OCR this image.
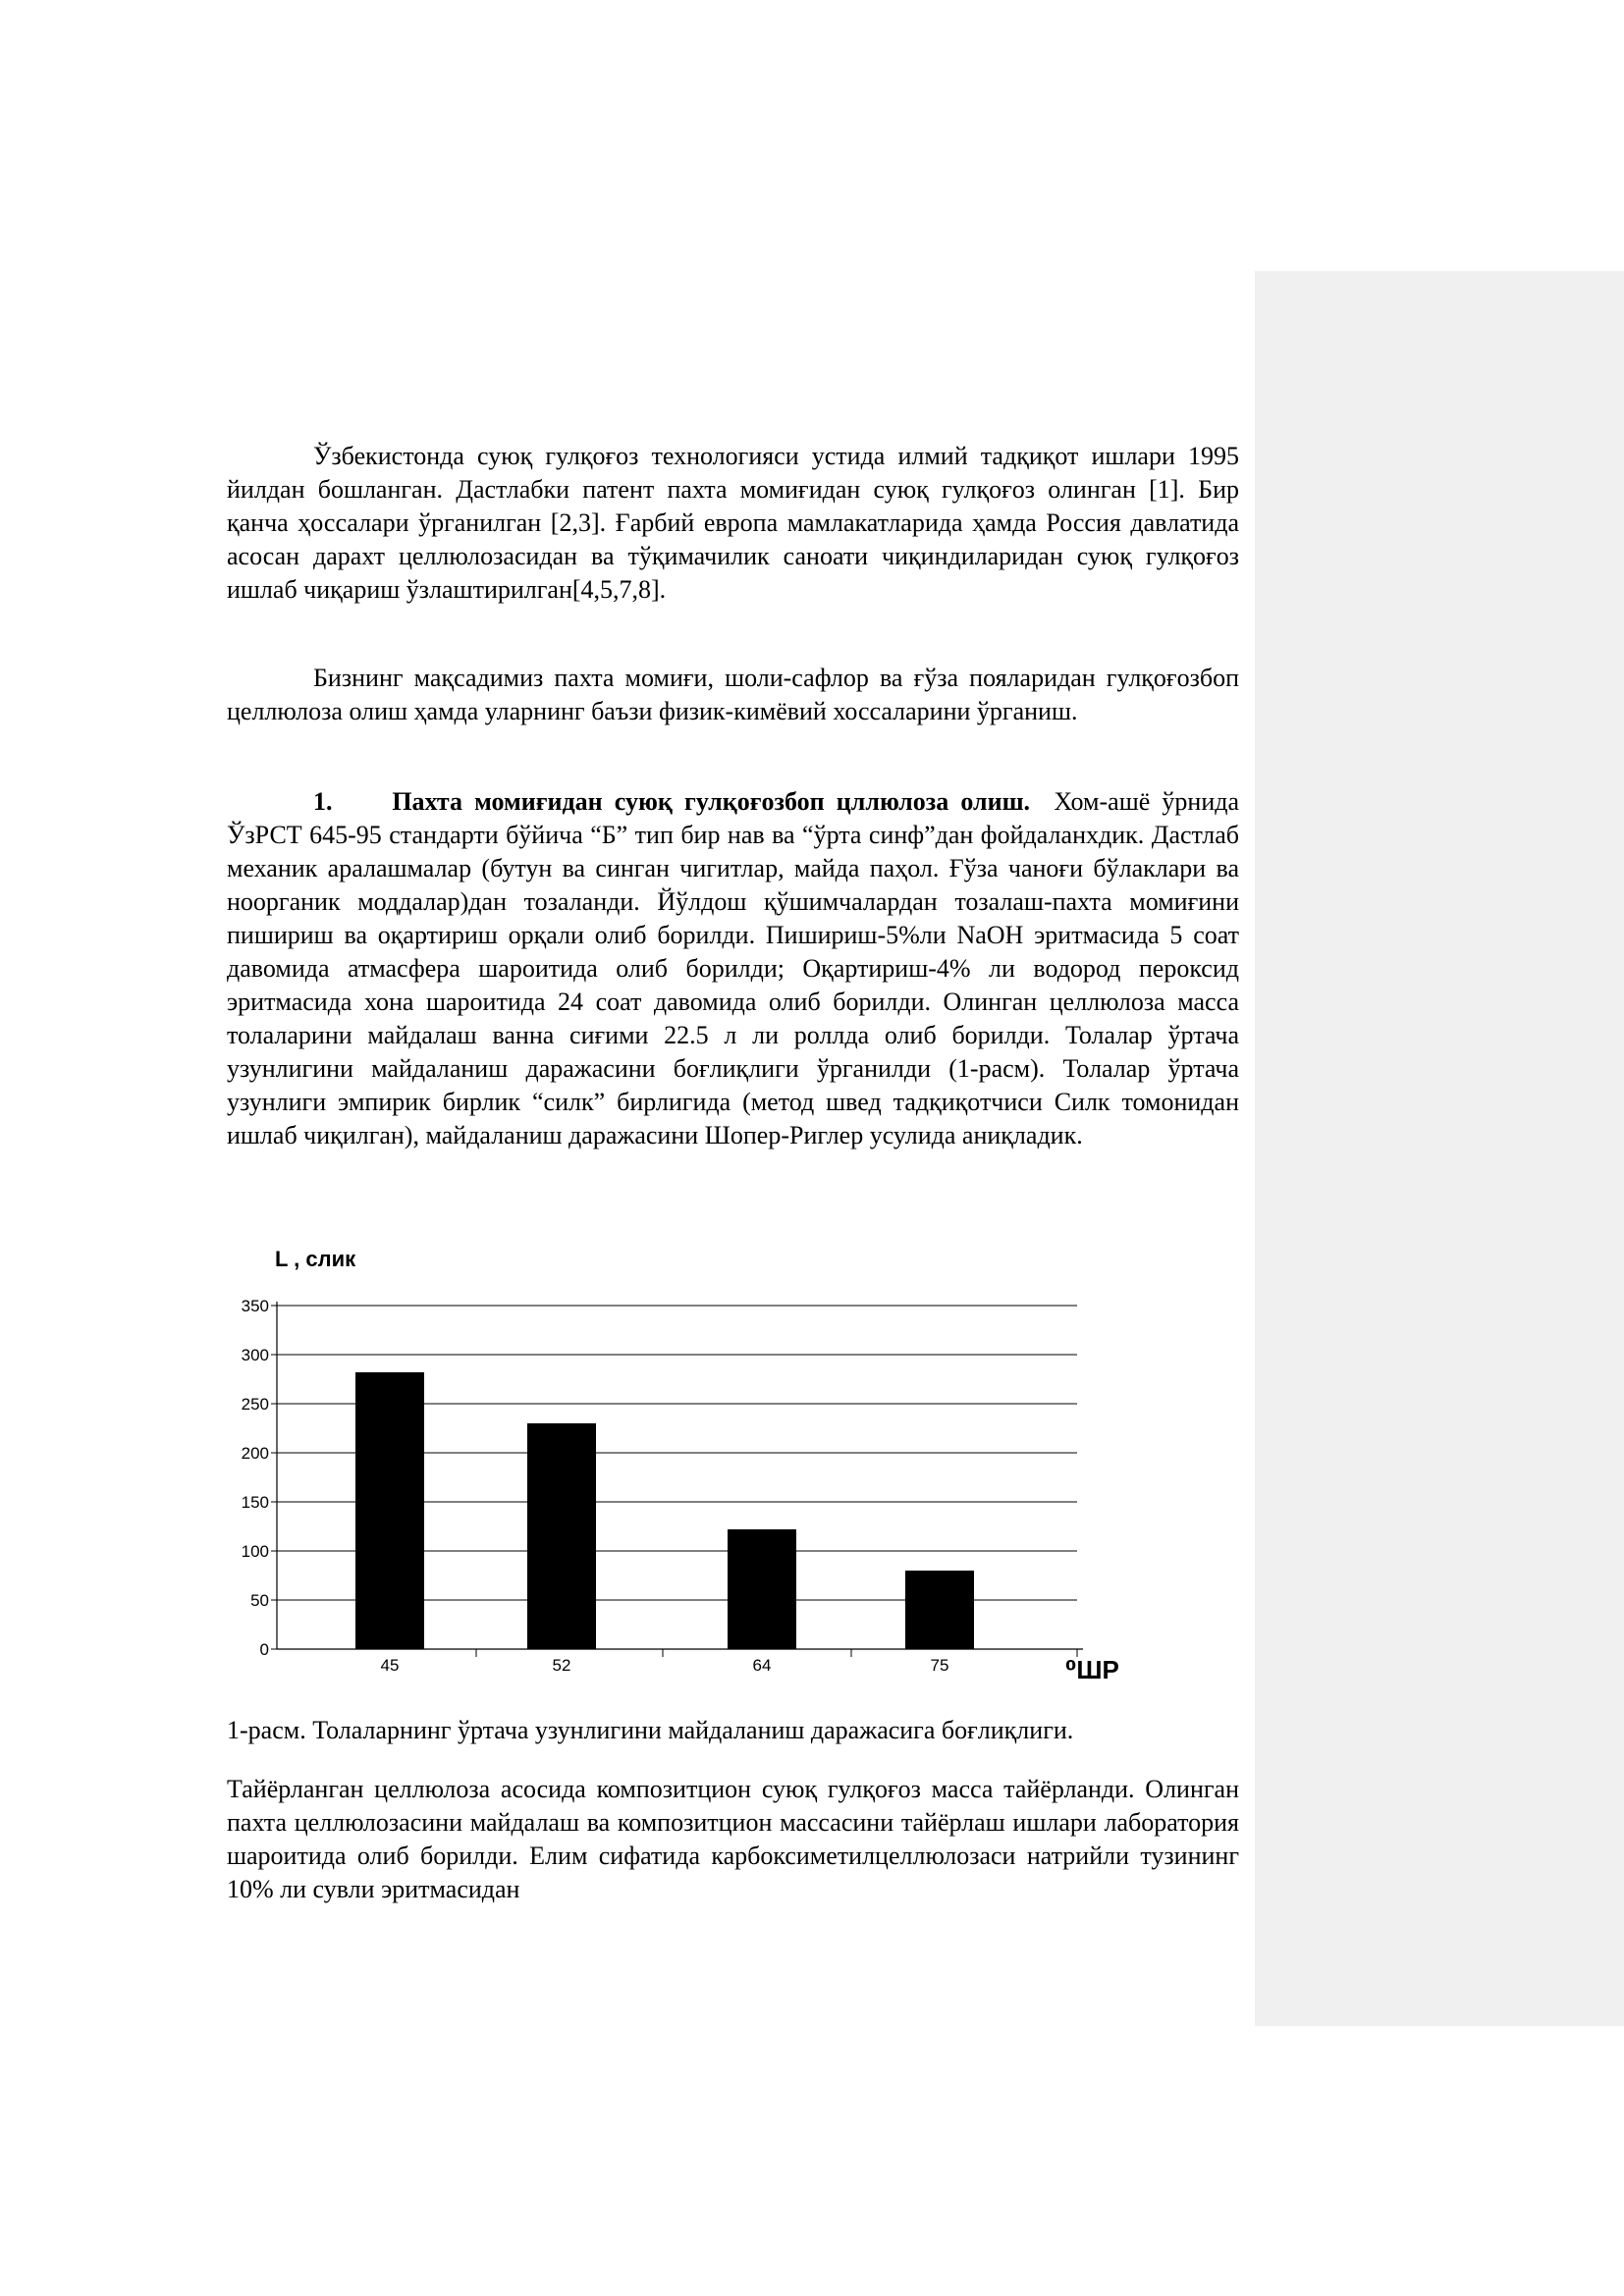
Ўзбекистонда суюқ гулқоғоз технологияси устида илмий тадқиқот ишлари 1995 йилдан бошланган. Дастлабки патент пахта момиғидан суюқ гулқоғоз олинган [1]. Бир қанча ҳоссалари ўрганилган [2,3]. Ғарбий европа мамлакатларида ҳамда Россия давлатида асосан дарахт целлюлозасидан ва тўқимачилик саноати чиқиндиларидан суюқ гулқоғоз ишлаб чиқариш ўзлаштирилган[4,5,7,8].

Бизнинг мақсадимиз пахта момиғи, шоли-сафлор ва ғўза пояларидан гулқоғозбоп целлюлоза олиш ҳамда уларнинг баъзи физик-кимёвий хоссаларини ўрганиш.

1. Пахта момиғидан суюқ гулқоғозбоп цллюлоза олиш. Хом-ашё ўрнида ЎзРСТ 645-95 стандарти бўйича “Б” тип бир нав ва “ўрта синф”дан фойдаланхдик. Дастлаб механик аралашмалар (бутун ва синган чигитлар, майда паҳол. Ғўза чаноғи бўлаклари ва ноорганик моддалар)дан тозаланди. Йўлдош қўшимчалардан тозалаш-пахта момиғини пишириш ва оқартириш орқали олиб борилди. Пишириш-5%ли NaOH эритмасида 5 соат давомида атмасфера шароитида олиб борилди; Оқартириш-4% ли водород пероксид эритмасида хона шароитида 24 соат давомида олиб борилди. Олинган целлюлоза масса толаларини майдалаш ванна сиғими 22.5 л ли роллда олиб борилди. Толалар ўртача узунлигини майдаланиш даражасини боғлиқлиги ўрганилди (1-расм). Толалар ўртача узунлиги эмпирик бирлик “силк” бирлигида (метод швед тадқиқотчиси Силк томонидан ишлаб чиқилган), майдаланиш даражасини Шопер-Риглер усулида аниқладик.

L , слик
0
50
100
150
200
250
300
350
45	52	64	75	⁰ШР

1-расм. Толаларнинг ўртача узунлигини майдаланиш даражасига боғлиқлиги.

Тайёрланган целлюлоза асосида композитцион суюқ гулқоғоз масса тайёрланди. Олинган пахта целлюлозасини майдалаш ва композитцион массасини тайёрлаш ишлари лаборатория шароитида олиб борилди. Елим сифатида карбоксиметилцеллюлозаси натрийли тузининг 10% ли сувли эритмасидан
